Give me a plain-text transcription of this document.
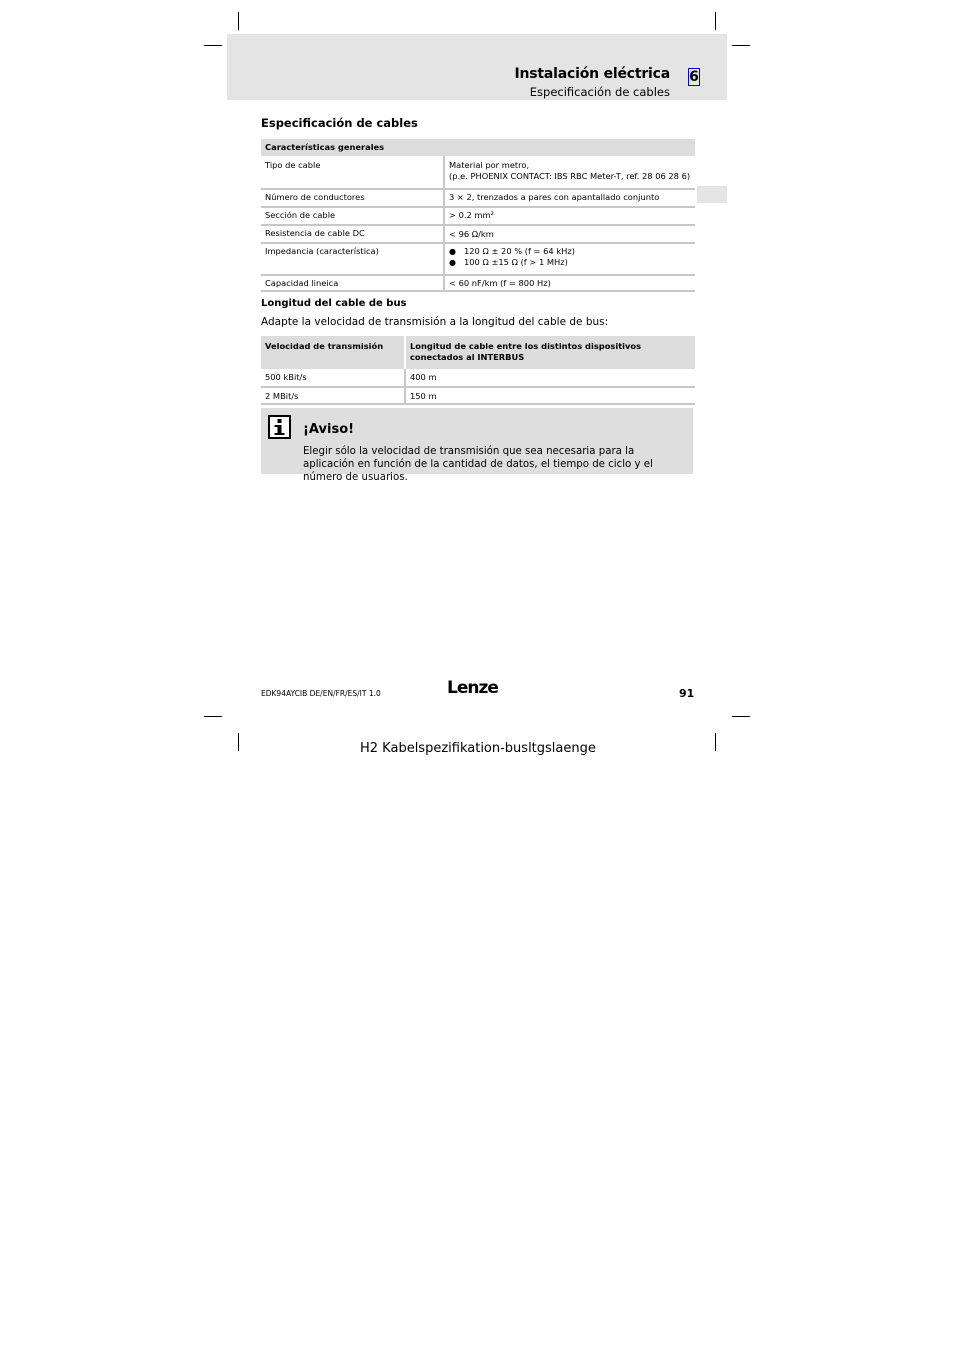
Instalación eléctrica
Especificación de cables
6
Especificación de cables
Características generales	
Tipo de cable	Material por metro,
(p.e. PHOENIX CONTACT: IBS RBC Meter-T, ref. 28 06 28 6)

Número de conductores	3 × 2, trenzados a pares con apantallado conjunto
Sección de cable	> 0.2 mm²
Resistencia de cable DC	< 96 Ω/km
Impedancia (característica)	● 120 Ω ± 20 % (f = 64 kHz)
● 100 Ω ±15 Ω (f > 1 MHz)

Capacidad lineica	< 60 nF/km (f = 800 Hz)
Longitud del cable de bus
Adapte la velocidad de transmisión a la longitud del cable de bus:
Velocidad de transmisión	Longitud de cable entre los distintos dispositivos conectados al INTERBUS
500 kBit/s	400 m
2 MBit/s	150 m
¡Aviso!
Elegir sólo la velocidad de transmisión que sea necesaria para la aplicación en función de la cantidad de datos, el tiempo de ciclo y el número de usuarios.
EDK94AYCIB DE/EN/FR/ES/IT 1.0	Lenze	91
H2 Kabelspezifikation-busltgslaenge
